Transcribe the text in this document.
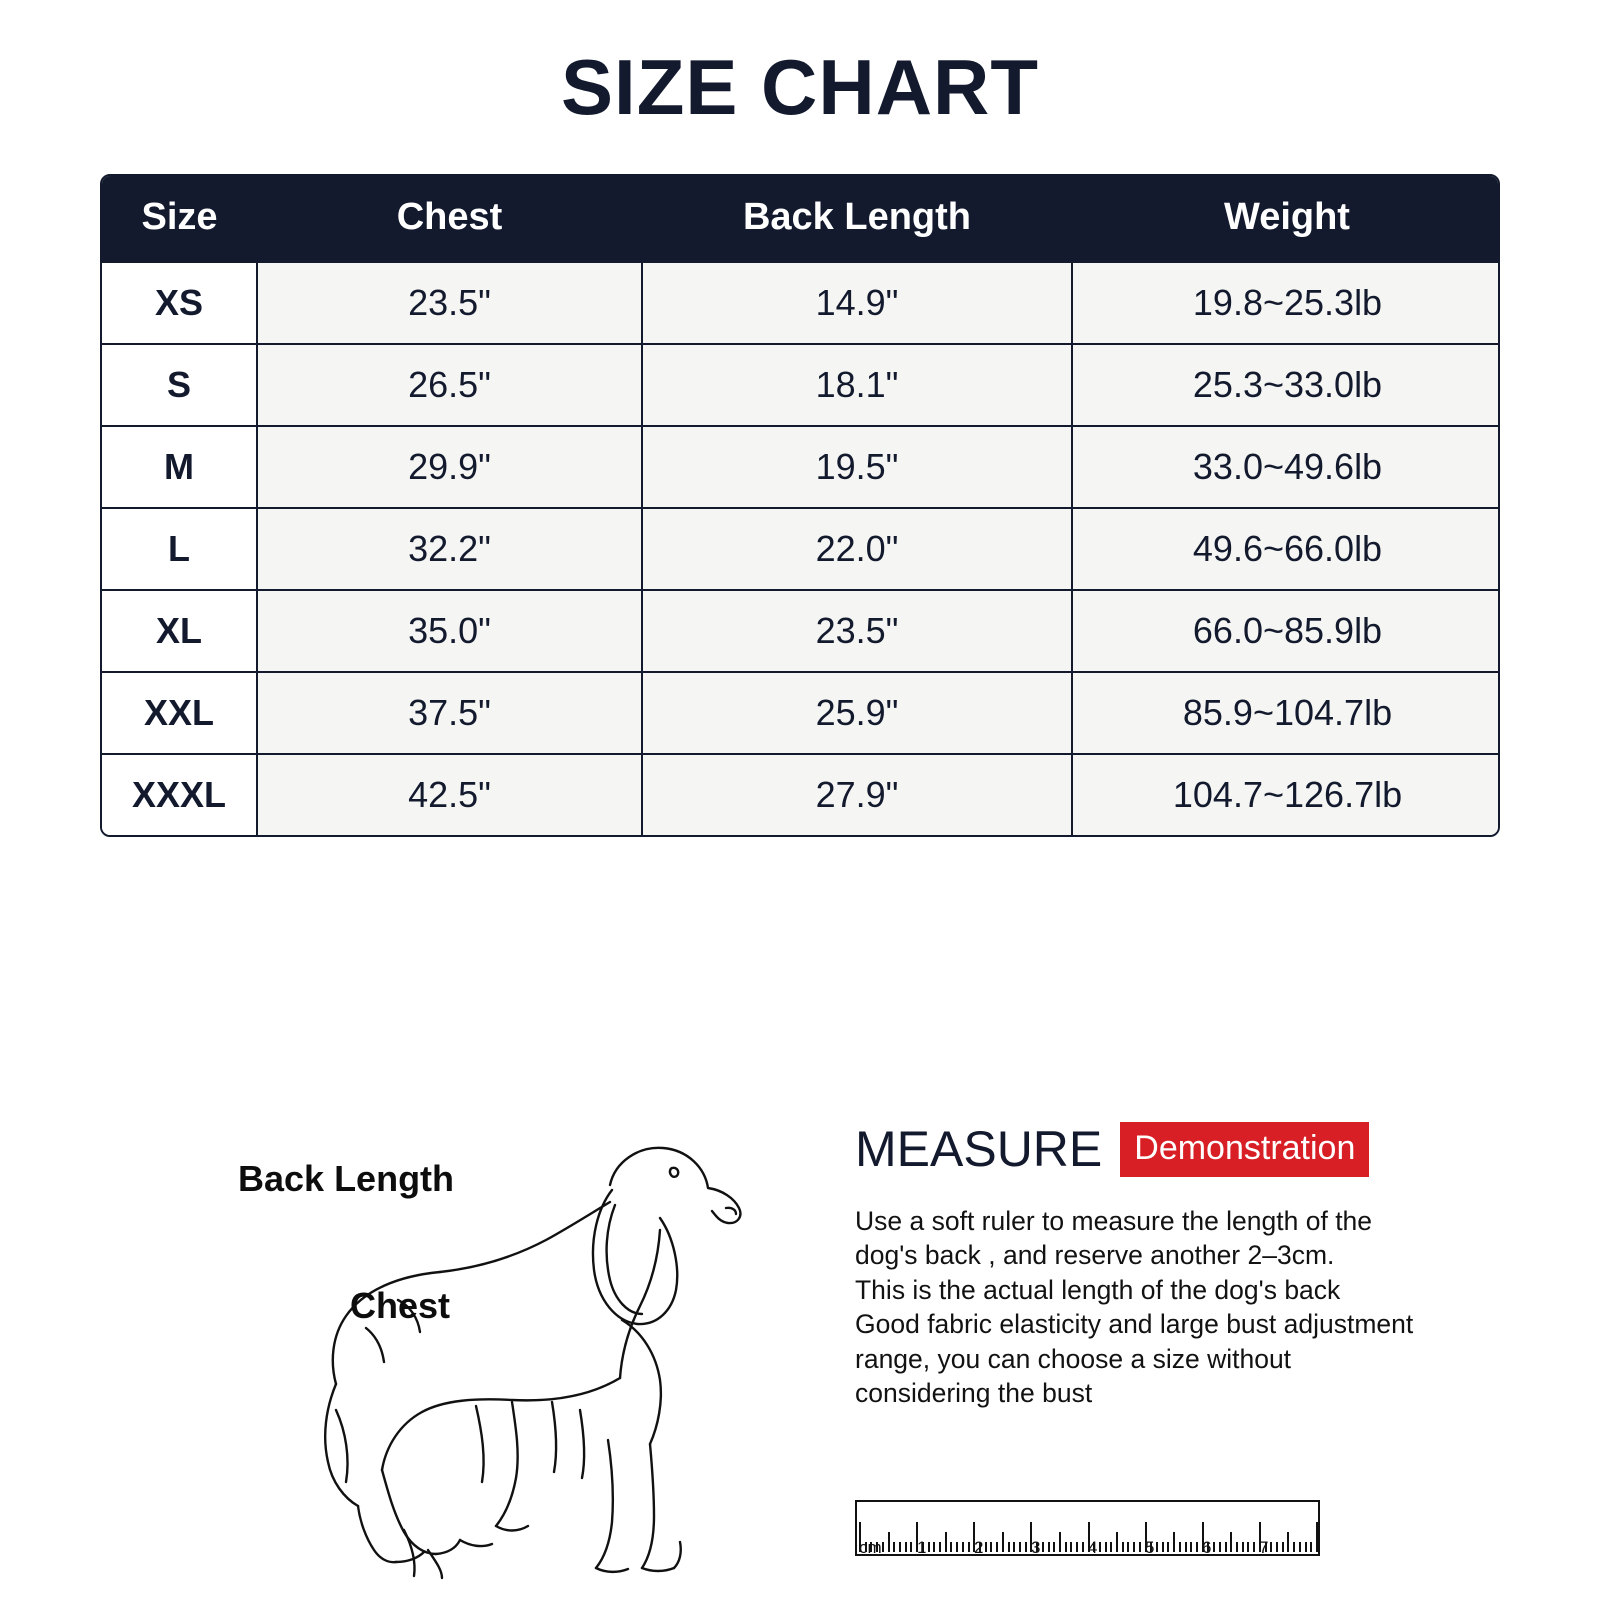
SIZE CHART
Size	Chest	Back Length	Weight
XS	23.5"	14.9"	19.8~25.3lb
S	26.5"	18.1"	25.3~33.0lb
M	29.9"	19.5"	33.0~49.6lb
L	32.2"	22.0"	49.6~66.0lb
XL	35.0"	23.5"	66.0~85.9lb
XXL	37.5"	25.9"	85.9~104.7lb
XXXL	42.5"	27.9"	104.7~126.7lb
Back Length
Chest
MEASURE Demonstration

Use a soft ruler to measure the length of the

dog's back , and reserve another 2–3cm.

This is the actual length of the dog's back

Good fabric elasticity and large bust adjustment

range, you can choose a size without

considering the bust

cm 1	2	3	4	5	6	7
